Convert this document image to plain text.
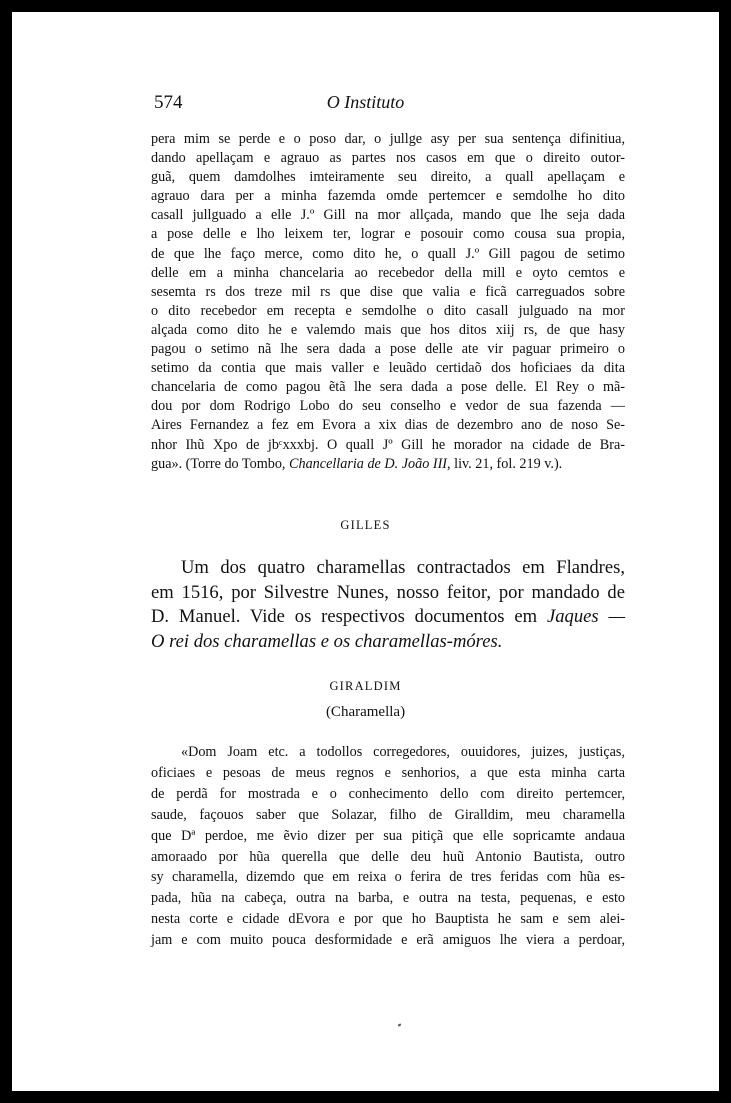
574	O Instituto
pera mim se perde e o poso dar, o jullge asy per sua sentença difinitiua,
dando apellaçam e agrauo as partes nos casos em que o direito outor-
guã, quem damdolhes imteiramente seu direito, a quall apellaçam e
agrauo dara per a minha fazemda omde pertemcer e semdolhe ho dito
casall jullguado a elle J.º Gill na mor allçada, mando que lhe seja dada
a pose delle e lho leixem ter, lograr e posouir como cousa sua propia,
de que lhe faço merce, como dito he, o quall J.º Gill pagou de setimo
delle em a minha chancelaria ao recebedor della mill e oyto cemtos e
sesemta rs dos treze mil rs que dise que valia e ficã carreguados sobre
o dito recebedor em recepta e semdolhe o dito casall julguado na mor
alçada como dito he e valemdo mais que hos ditos xiij rs, de que hasy
pagou o setimo nã lhe sera dada a pose delle ate vir paguar primeiro o
setimo da contia que mais valler e leuãdo certidaõ dos hoficiaes da dita
chancelaria de como pagou ẽtã lhe sera dada a pose delle. El Rey o mã-
dou por dom Rodrigo Lobo do seu conselho e vedor de sua fazenda —
Aires Fernandez a fez em Evora a xix dias de dezembro ano de noso Se-
nhor Ihũ Xpo de jbᶜxxxbj. O quall Jº Gill he morador na cidade de Bra-
gua». (Torre do Tombo, Chancellaria de D. João III, liv. 21, fol. 219 v.).
GILLES
Um dos quatro charamellas contractados em Flandres,
em 1516, por Silvestre Nunes, nosso feitor, por mandado de
D. Manuel. Vide os respectivos documentos em Jaques —
O rei dos charamellas e os charamellas-móres.
GIRALDIM
(Charamella)
«Dom Joam etc. a todollos corregedores, ouuidores, juizes, justiças,
oficiaes e pesoas de meus regnos e senhorios, a que esta minha carta
de perdã for mostrada e o conhecimento dello com direito pertemcer,
saude, façouos saber que Solazar, filho de Giralldim, meu charamella
que Dª perdoe, me ẽvio dizer per sua pitiçã que elle sopricamte andaua
amoraado por hũa querella que delle deu huũ Antonio Bautista, outro
sy charamella, dizemdo que em reixa o ferira de tres feridas com hũa es-
pada, hũa na cabeça, outra na barba, e outra na testa, pequenas, e esto
nesta corte e cidade dEvora e por que ho Bauptista he sam e sem alei-
jam e com muito pouca desformidade e erã amiguos lhe viera a perdoar,
